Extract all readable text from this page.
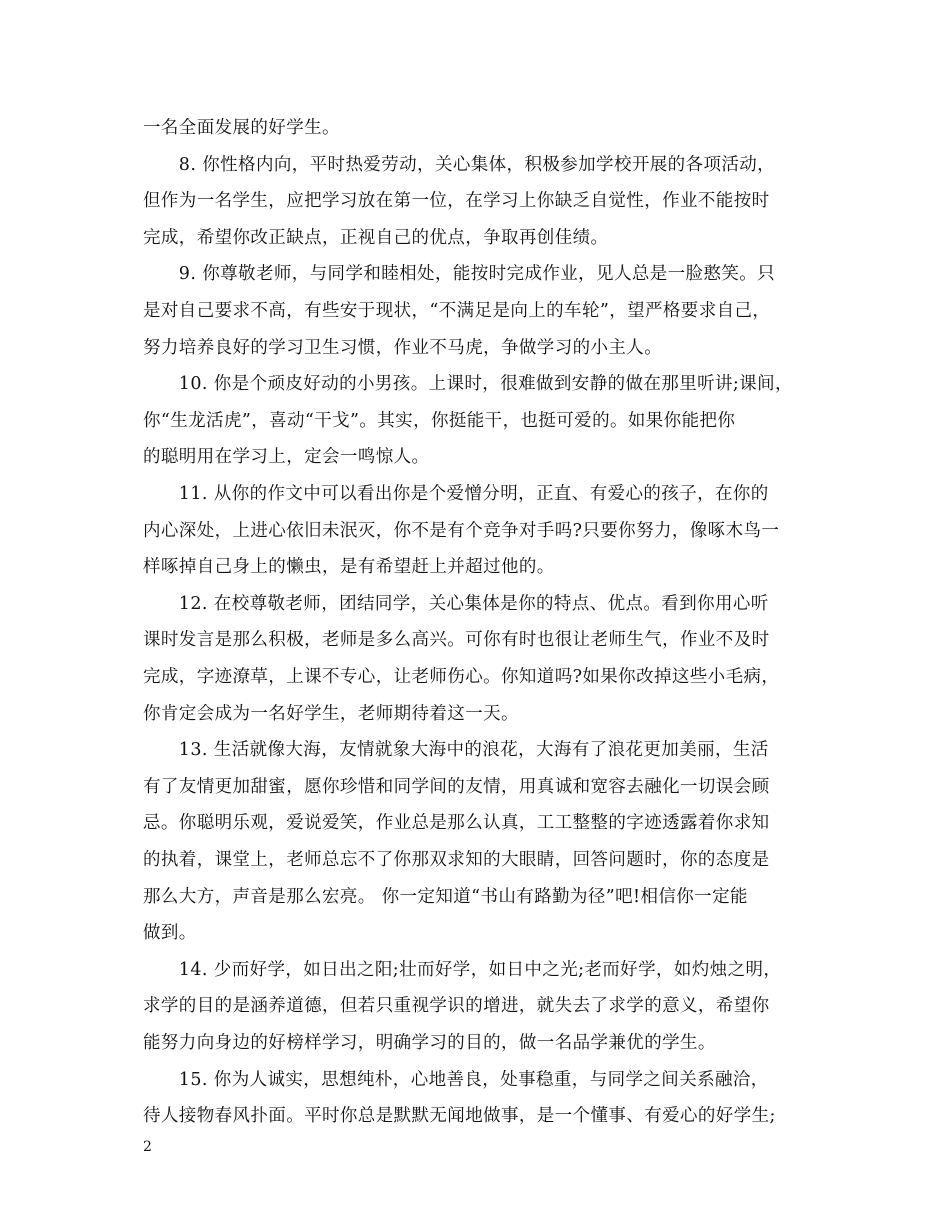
一名全面发展的好学生。
　　8. 你性格内向，平时热爱劳动，关心集体，积极参加学校开展的各项活动，
但作为一名学生，应把学习放在第一位，在学习上你缺乏自觉性，作业不能按时
完成，希望你改正缺点，正视自己的优点，争取再创佳绩。
　　9. 你尊敬老师，与同学和睦相处，能按时完成作业，见人总是一脸憨笑。只
是对自己要求不高，有些安于现状，“不满足是向上的车轮”，望严格要求自己，
努力培养良好的学习卫生习惯，作业不马虎，争做学习的小主人。
　　10. 你是个顽皮好动的小男孩。上课时，很难做到安静的做在那里听讲;课间，
你“生龙活虎”，喜动“干戈”。其实，你挺能干，也挺可爱的。如果你能把你
的聪明用在学习上，定会一鸣惊人。
　　11. 从你的作文中可以看出你是个爱憎分明，正直、有爱心的孩子，在你的
内心深处，上进心依旧未泯灭，你不是有个竞争对手吗?只要你努力，像啄木鸟一
样啄掉自己身上的懒虫，是有希望赶上并超过他的。
　　12. 在校尊敬老师，团结同学，关心集体是你的特点、优点。看到你用心听
课时发言是那么积极，老师是多么高兴。可你有时也很让老师生气，作业不及时
完成，字迹潦草，上课不专心，让老师伤心。你知道吗?如果你改掉这些小毛病，
你肯定会成为一名好学生，老师期待着这一天。
　　13. 生活就像大海，友情就象大海中的浪花，大海有了浪花更加美丽，生活
有了友情更加甜蜜，愿你珍惜和同学间的友情，用真诚和宽容去融化一切误会顾
忌。你聪明乐观，爱说爱笑，作业总是那么认真，工工整整的字迹透露着你求知
的执着，课堂上，老师总忘不了你那双求知的大眼睛，回答问题时，你的态度是
那么大方，声音是那么宏亮。 你一定知道“书山有路勤为径”吧!相信你一定能
做到。
　　14. 少而好学，如日出之阳;壮而好学，如日中之光;老而好学，如灼烛之明，
求学的目的是涵养道德，但若只重视学识的增进，就失去了求学的意义，希望你
能努力向身边的好榜样学习，明确学习的目的，做一名品学兼优的学生。
　　15. 你为人诚实，思想纯朴，心地善良，处事稳重，与同学之间关系融洽，
待人接物春风扑面。平时你总是默默无闻地做事，是一个懂事、有爱心的好学生;
2
